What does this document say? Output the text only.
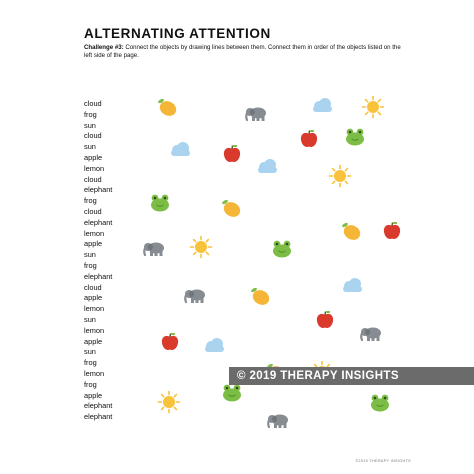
ALTERNATING ATTENTION
Challenge #3: Connect the objects by drawing lines between them. Connect them in order of the objects listed on the left side of the page.
cloud
frog
sun
cloud
sun
apple
lemon
cloud
elephant
frog
cloud
elephant
lemon
apple
sun
frog
elephant
cloud
apple
lemon
sun
lemon
apple
sun
frog
lemon
frog
apple
elephant
elephant
© 2019 THERAPY INSIGHTS
©2019 THERAPY INSIGHTS
